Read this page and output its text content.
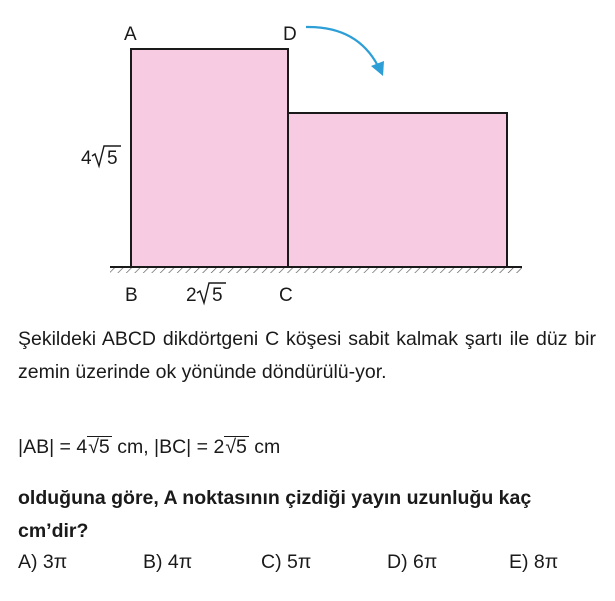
A	D
B	C
4 5
2 5
Şekildeki ABCD dikdörtgeni C köşesi sabit kalmak şartı ile düz bir zemin üzerinde ok yönünde döndürülü-yor.
|AB| = 4√5 cm, |BC| = 2√5 cm
olduğuna göre, A noktasının çizdiği yayın uzunluğu kaç cm’dir?
A) 3π	B) 4π	C) 5π	D) 6π	E) 8π
